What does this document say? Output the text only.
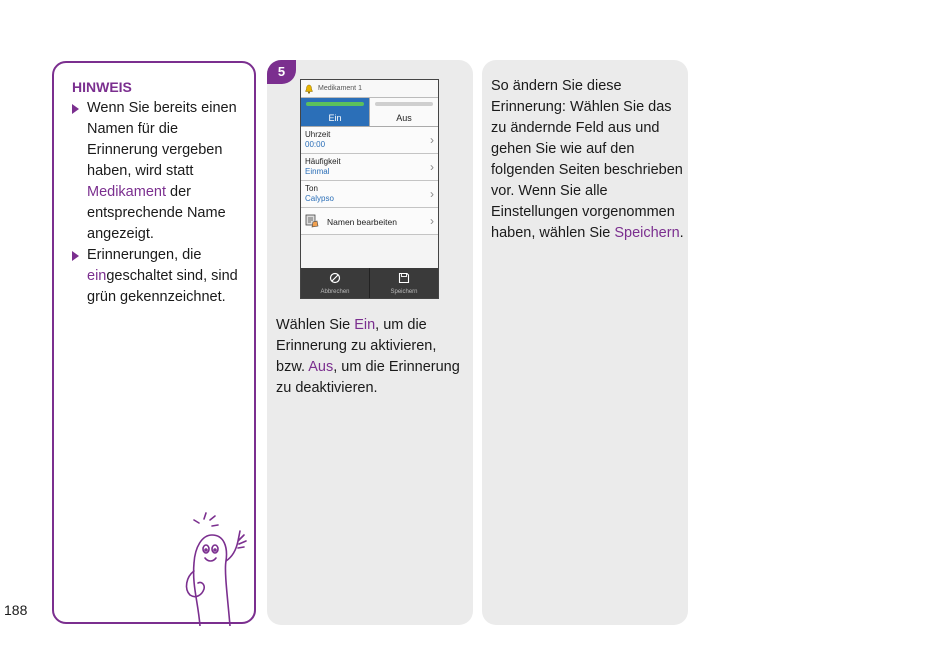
HINWEIS
Wenn Sie bereits einen Namen für die Erinnerung vergeben haben, wird statt Medikament der entsprechende Name angezeigt.
Erinnerungen, die eingeschaltet sind, sind grün gekennzeichnet.
188
5
Wählen Sie Ein, um die Erinnerung zu aktivieren, bzw. Aus, um die Erinnerung zu deaktivieren.
Medikament 1
Ein	Aus
Uhrzeit
00:00	›
Häufigkeit
Einmal	›
Ton
Calypso	›
Namen bearbeiten	›
Abbrechen	Speichern
So ändern Sie diese Erinnerung: Wählen Sie das zu ändernde Feld aus und gehen Sie wie auf den folgenden Seiten beschrieben vor. Wenn Sie alle Einstellungen vorgenommen haben, wählen Sie Speichern.
